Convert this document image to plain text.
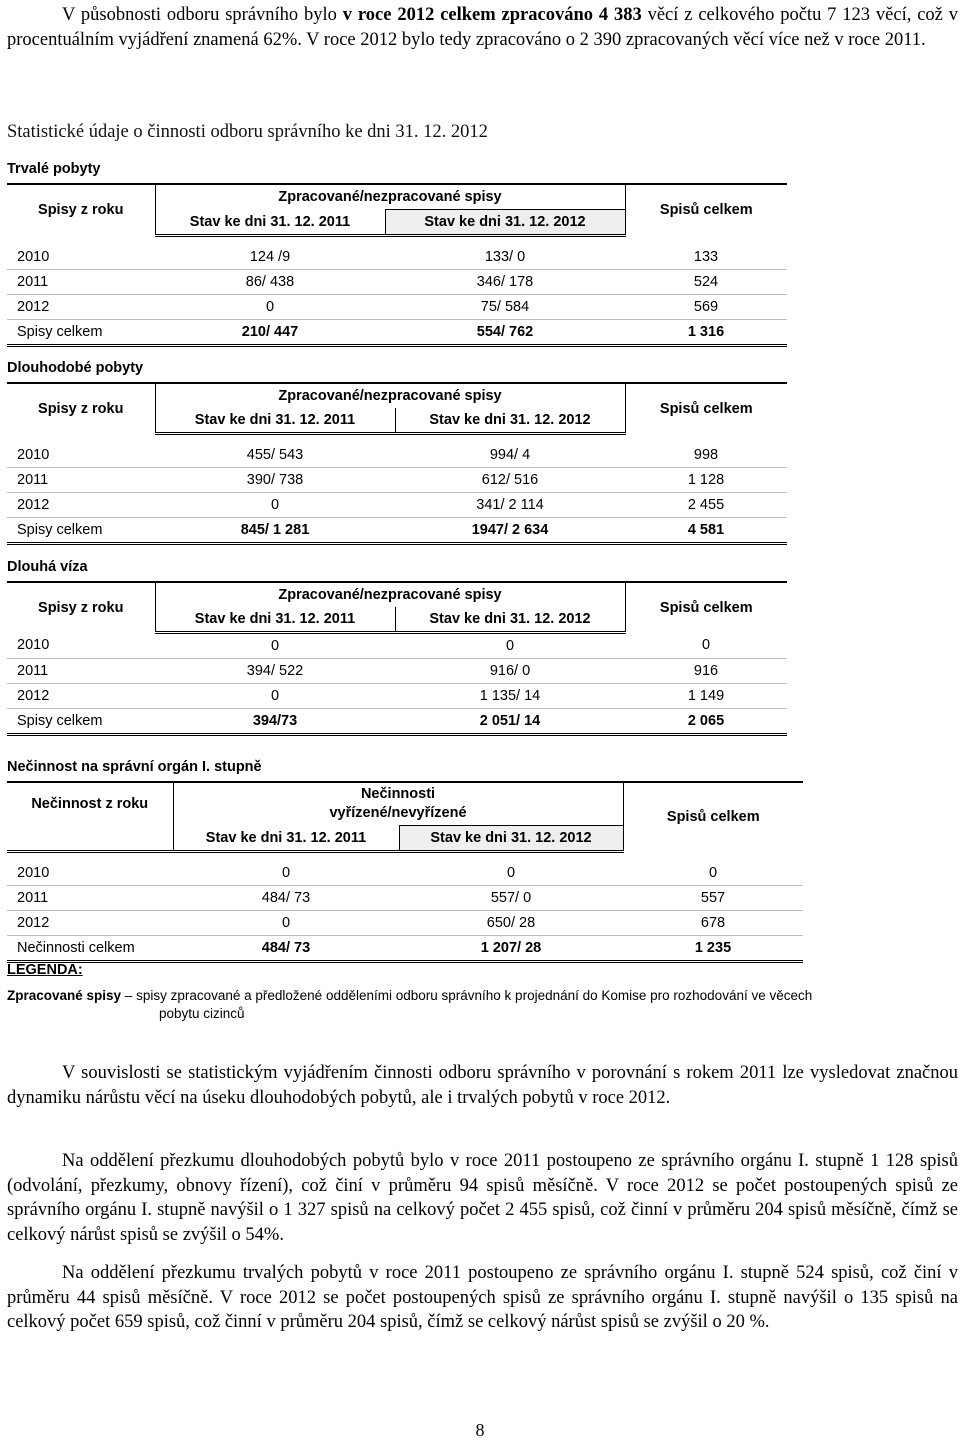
V působnosti odboru správního bylo v roce 2012 celkem zpracováno 4 383 věcí z celkového počtu 7 123 věcí, což v procentuálním vyjádření znamená 62%. V roce 2012 bylo tedy zpracováno o 2 390 zpracovaných věcí více než v roce 2011.
Statistické údaje o činnosti odboru správního ke dni 31. 12. 2012
Trvalé pobyty
Spisy z roku	Zpracované/nezpracované spisy		Spisů celkem
	Stav ke dni 31. 12. 2011	Stav ke dni 31. 12. 2012	

2010	124 /9	133/ 0	133
2011	86/ 438	346/ 178	524
2012	0	75/ 584	569
Spisy celkem	210/ 447	554/ 762	1 316
Dlouhodobé pobyty
Spisy z roku	Zpracované/nezpracované spisy		Spisů celkem
	Stav ke dni 31. 12. 2011	Stav ke dni 31. 12. 2012	

2010	455/ 543	994/ 4	998
2011	390/ 738	612/ 516	1 128
2012	0	341/ 2 114	2 455
Spisy celkem	845/ 1 281	1947/ 2 634	4 581
Dlouhá víza
Spisy z roku	Zpracované/nezpracované spisy		Spisů celkem
	Stav ke dni 31. 12. 2011	Stav ke dni 31. 12. 2012	
2010	0	0	0
2011	394/ 522	916/ 0	916
2012	0	1 135/ 14	1 149
Spisy celkem	394/73	2 051/ 14	2 065
Nečinnost na správní orgán I. stupně
Nečinnost z roku	Nečinnosti
vyřízené/nevyřízené		Spisů celkem

	Stav ke dni 31. 12. 2011	Stav ke dni 31. 12. 2012	

2010	0	0	0
2011	484/ 73	557/ 0	557
2012	0	650/ 28	678
Nečinnosti celkem	484/ 73	1 207/ 28	1 235
LEGENDA:
Zpracované spisy – spisy zpracované a předložené odděleními odboru správního k projednání do Komise pro rozhodování ve věcech
pobytu cizinců
V souvislosti se statistickým vyjádřením činnosti odboru správního v porovnání s rokem 2011 lze vysledovat značnou dynamiku nárůstu věcí na úseku dlouhodobých pobytů, ale i trvalých pobytů v roce 2012.
Na oddělení přezkumu dlouhodobých pobytů bylo v roce 2011 postoupeno ze správního orgánu I. stupně 1 128 spisů (odvolání, přezkumy, obnovy řízení), což činí v průměru 94 spisů měsíčně. V roce 2012 se počet postoupených spisů ze správního orgánu I. stupně navýšil o 1 327 spisů na celkový počet 2 455 spisů, což činní v průměru 204 spisů měsíčně, čímž se celkový nárůst spisů se zvýšil o 54%.
Na oddělení přezkumu trvalých pobytů v roce 2011 postoupeno ze správního orgánu I. stupně 524 spisů, což činí v průměru 44 spisů měsíčně. V roce 2012 se počet postoupených spisů ze správního orgánu I. stupně navýšil o 135 spisů na celkový počet 659 spisů, což činní v průměru 204 spisů, čímž se celkový nárůst spisů se zvýšil o 20 %.
8
